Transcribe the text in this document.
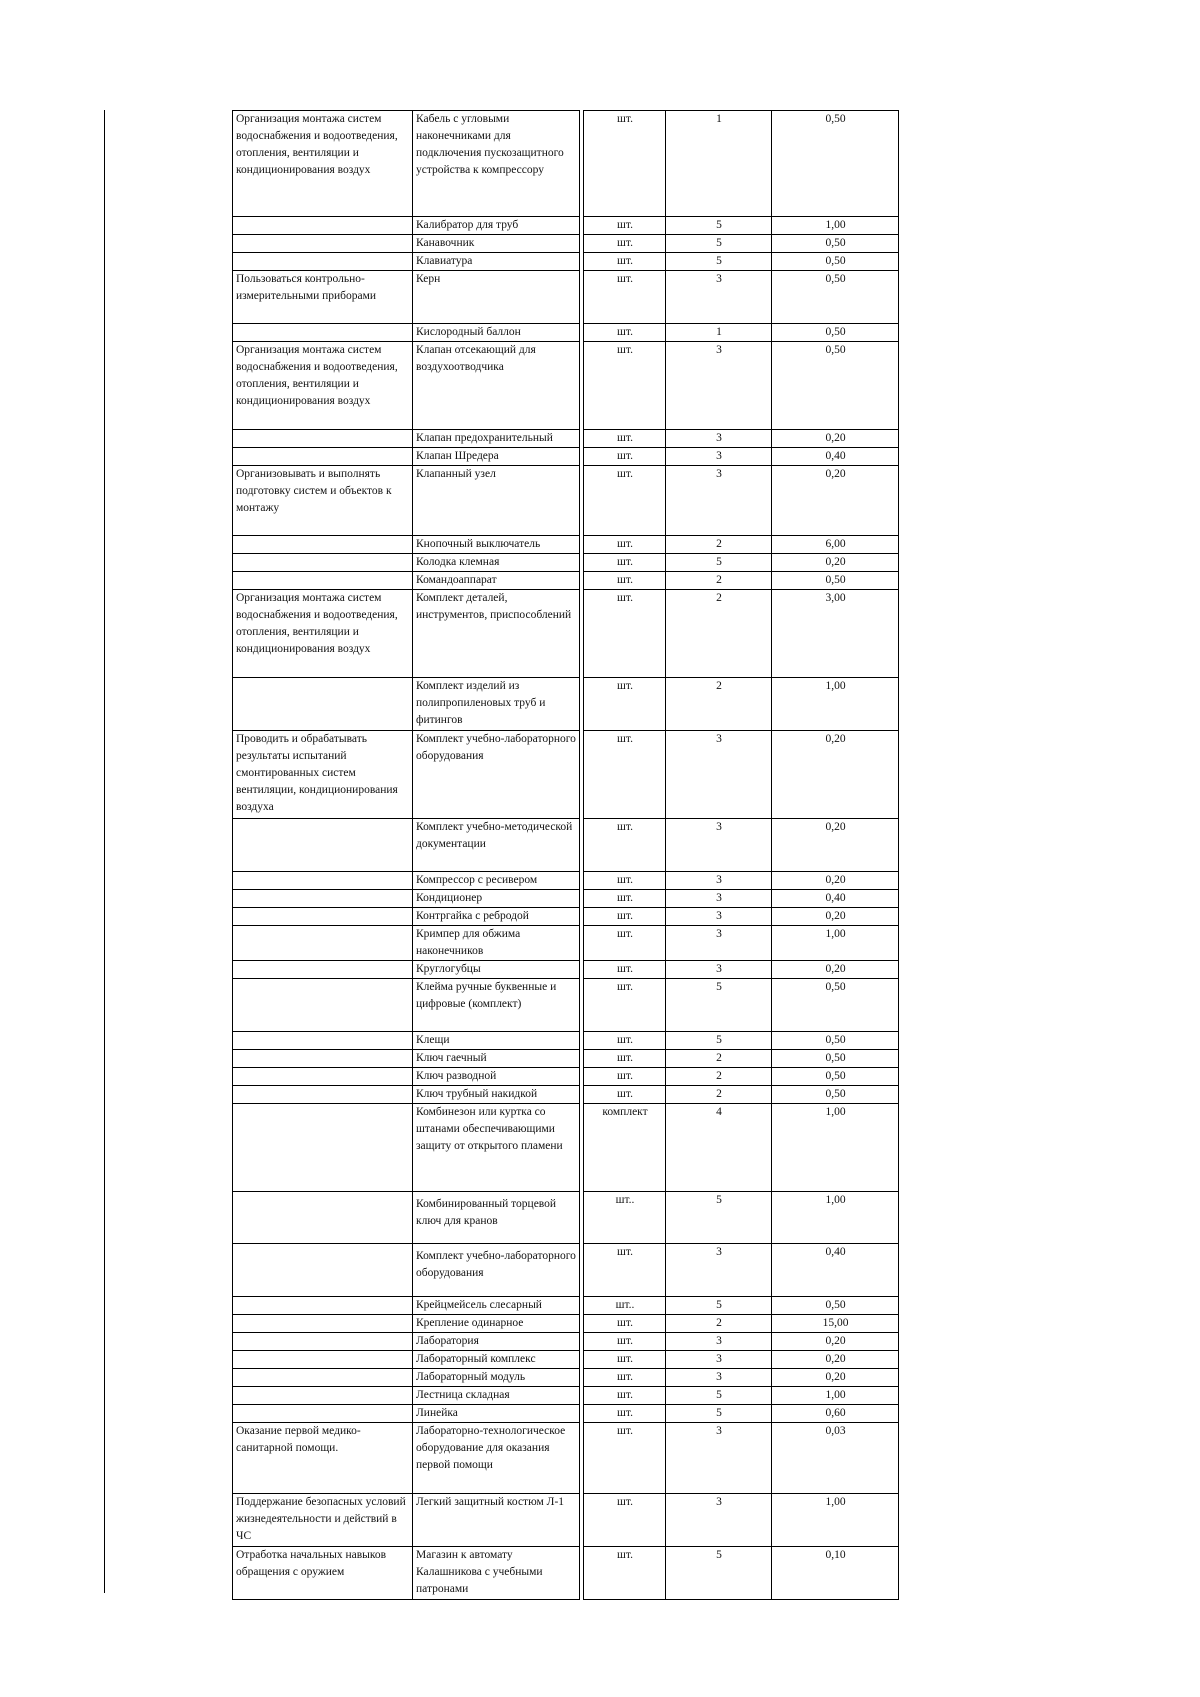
Организация монтажа систем водоснабжения и водоотведения, отопления, вентиляции и кондиционирования воздух	Кабель с угловыми наконечниками для подключения пускозащитного устройства к компрессору		шт.	1	0,50
	Калибратор для труб		шт.	5	1,00
	Канавочник		шт.	5	0,50
	Клавиатура		шт.	5	0,50
Пользоваться контрольно-измерительными приборами	Керн		шт.	3	0,50
	Кислородный баллон		шт.	1	0,50
Организация монтажа систем водоснабжения и водоотведения, отопления, вентиляции и кондиционирования воздух	Клапан отсекающий для воздухоотводчика		шт.	3	0,50
	Клапан предохранительный		шт.	3	0,20
	Клапан Шредера		шт.	3	0,40
Организовывать и выполнять подготовку систем и объектов к монтажу	Клапанный узел		шт.	3	0,20
	Кнопочный выключатель		шт.	2	6,00
	Колодка клемная		шт.	5	0,20
	Командоаппарат		шт.	2	0,50
Организация монтажа систем водоснабжения и водоотведения, отопления, вентиляции и кондиционирования воздух	Комплект деталей, инструментов, приспособлений		шт.	2	3,00
	Комплект изделий из полипропиленовых труб и фитингов		шт.	2	1,00
Проводить и обрабатывать результаты испытаний смонтированных систем вентиляции, кондиционирования воздуха	Комплект учебно-лабораторного оборудования		шт.	3	0,20
	Комплект учебно-методической документации		шт.	3	0,20
	Компрессор с ресивером		шт.	3	0,20
	Кондиционер		шт.	3	0,40
	Контргайка с ребродой		шт.	3	0,20
	Кримпер для обжима наконечников		шт.	3	1,00
	Круглогубцы		шт.	3	0,20
	Клейма ручные буквенные и цифровые (комплект)		шт.	5	0,50
	Клещи		шт.	5	0,50
	Ключ гаечный		шт.	2	0,50
	Ключ разводной		шт.	2	0,50
	Ключ трубный накидкой		шт.	2	0,50
	Комбинезон или куртка со штанами обеспечивающими защиту от открытого пламени		комплект	4	1,00
	Комбинированный торцевой ключ для кранов		шт..	5	1,00
	Комплект учебно-лабораторного оборудования		шт.	3	0,40
	Крейцмейсель слесарный		шт..	5	0,50
	Крепление одинарное		шт.	2	15,00
	Лаборатория		шт.	3	0,20
	Лабораторный комплекс		шт.	3	0,20
	Лабораторный модуль		шт.	3	0,20
	Лестница складная		шт.	5	1,00
	Линейка		шт.	5	0,60
Оказание первой медико-санитарной помощи.	Лабораторно-технологическое оборудование для оказания первой помощи		шт.	3	0,03
Поддержание безопасных условий жизнедеятельности и действий в ЧС	Легкий защитный костюм Л-1		шт.	3	1,00
Отработка начальных навыков обращения с оружием	Магазин к автомату Калашникова с учебными патронами		шт.	5	0,10
